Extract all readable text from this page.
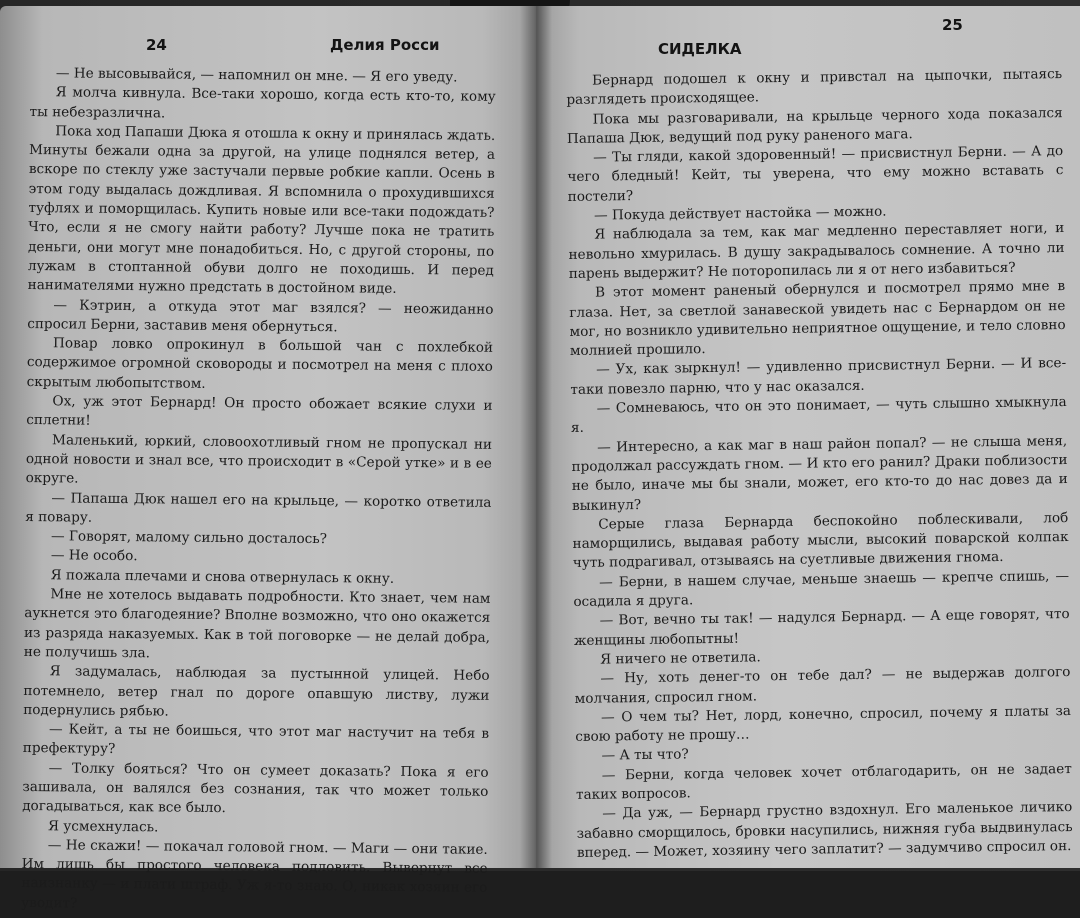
24	Делия Росси

— Не высовывайся, — напомнил он мне. — Я его уведу.

Я молча кивнула. Все-таки хорошо, когда есть кто-то, кому ты небезразлична.

Пока ход Папаши Дюка я отошла к окну и принялась ждать. Минуты бежали одна за другой, на улице поднялся ветер, а вскоре по стеклу уже застучали первые робкие капли. Осень в этом году выдалась дождливая. Я вспомнила о прохудившихся туфлях и поморщилась. Купить новые или все-таки подождать? Что, если я не смогу найти работу? Лучше пока не тратить деньги, они могут мне понадобиться. Но, с другой стороны, по лужам в стоптанной обуви долго не походишь. И перед нанимателями нужно предстать в достойном виде.

— Кэтрин, а откуда этот маг взялся? — неожиданно спросил Берни, заставив меня обернуться.

Повар ловко опрокинул в большой чан с похлебкой содержимое огромной сковороды и посмотрел на меня с плохо скрытым любопытством.

Ох, уж этот Бернард! Он просто обожает всякие слухи и сплетни!

Маленький, юркий, словоохотливый гном не пропускал ни одной новости и знал все, что происходит в «Серой утке» и в ее округе.

— Папаша Дюк нашел его на крыльце, — коротко ответила я повару.

— Говорят, малому сильно досталось?

— Не особо.

Я пожала плечами и снова отвернулась к окну.

Мне не хотелось выдавать подробности. Кто знает, чем нам аукнется это благодеяние? Вполне возможно, что оно окажется из разряда наказуемых. Как в той поговорке — не делай добра, не получишь зла.

Я задумалась, наблюдая за пустынной улицей. Небо потемнело, ветер гнал по дороге опавшую листву, лужи подернулись рябью.

— Кейт, а ты не боишься, что этот маг настучит на тебя в префектуру?

— Толку бояться? Что он сумеет доказать? Пока я его зашивала, он валялся без сознания, так что может только догадываться, как все было.

Я усмехнулась.

— Не скажи! — покачал головой гном. — Маги — они такие. Им лишь бы простого человека подловить. Вывернут все наизнанку — и плати штраф. Уж я-то знаю. О, никак хозяин его уводит?

25
СИДЕЛКА

Бернард подошел к окну и привстал на цыпочки, пытаясь разглядеть происходящее.

Пока мы разговаривали, на крыльце черного хода показался Папаша Дюк, ведущий под руку раненого мага.

— Ты гляди, какой здоровенный! — присвистнул Берни. — А до чего бледный! Кейт, ты уверена, что ему можно вставать с постели?

— Покуда действует настойка — можно.

Я наблюдала за тем, как маг медленно переставляет ноги, и невольно хмурилась. В душу закрадывалось сомнение. А точно ли парень выдержит? Не поторопилась ли я от него избавиться?

В этот момент раненый обернулся и посмотрел прямо мне в глаза. Нет, за светлой занавеской увидеть нас с Бернардом он не мог, но возникло удивительно неприятное ощущение, и тело словно молнией прошило.

— Ух, как зыркнул! — удивленно присвистнул Берни. — И все-таки повезло парню, что у нас оказался.

— Сомневаюсь, что он это понимает, — чуть слышно хмыкнула я.

— Интересно, а как маг в наш район попал? — не слыша меня, продолжал рассуждать гном. — И кто его ранил? Драки поблизости не было, иначе мы бы знали, может, его кто-то до нас довез да и выкинул?

Серые глаза Бернарда беспокойно поблескивали, лоб наморщились, выдавая работу мысли, высокий поварской колпак чуть подрагивал, отзываясь на суетливые движения гнома.

— Берни, в нашем случае, меньше знаешь — крепче спишь, — осадила я друга.

— Вот, вечно ты так! — надулся Бернард. — А еще говорят, что женщины любопытны!

Я ничего не ответила.

— Ну, хоть денег-то он тебе дал? — не выдержав долгого молчания, спросил гном.

— О чем ты? Нет, лорд, конечно, спросил, почему я платы за свою работу не прошу…

— А ты что?

— Берни, когда человек хочет отблагодарить, он не задает таких вопросов.

— Да уж, — Бернард грустно вздохнул. Его маленькое личико забавно сморщилось, бровки насупились, нижняя губа выдвинулась вперед. — Может, хозяину чего заплатит? — задумчиво спросил он.
